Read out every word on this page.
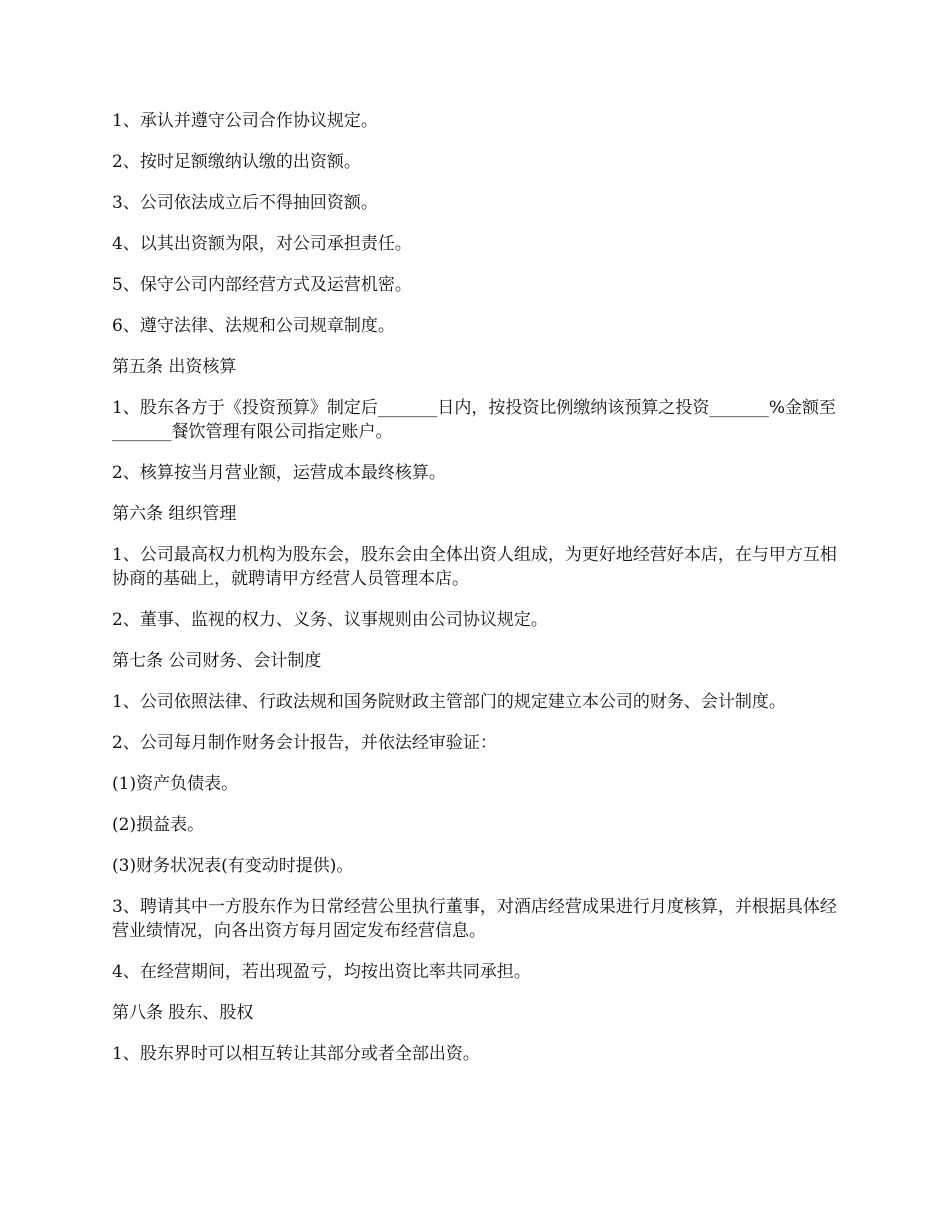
1、承认并遵守公司合作协议规定。

2、按时足额缴纳认缴的出资额。

3、公司依法成立后不得抽回资额。

4、以其出资额为限，对公司承担责任。

5、保守公司内部经营方式及运营机密。

6、遵守法律、法规和公司规章制度。

第五条 出资核算

1、股东各方于《投资预算》制定后_______日内，按投资比例缴纳该预算之投资_______%金额至_______餐饮管理有限公司指定账户。

2、核算按当月营业额，运营成本最终核算。

第六条 组织管理

1、公司最高权力机构为股东会，股东会由全体出资人组成，为更好地经营好本店，在与甲方互相协商的基础上，就聘请甲方经营人员管理本店。

2、董事、监视的权力、义务、议事规则由公司协议规定。

第七条 公司财务、会计制度

1、公司依照法律、行政法规和国务院财政主管部门的规定建立本公司的财务、会计制度。

2、公司每月制作财务会计报告，并依法经审验证：

(1)资产负债表。

(2)损益表。

(3)财务状况表(有变动时提供)。

3、聘请其中一方股东作为日常经营公里执行董事，对酒店经营成果进行月度核算，并根据具体经营业绩情况，向各出资方每月固定发布经营信息。

4、在经营期间，若出现盈亏，均按出资比率共同承担。

第八条 股东、股权

1、股东界时可以相互转让其部分或者全部出资。
